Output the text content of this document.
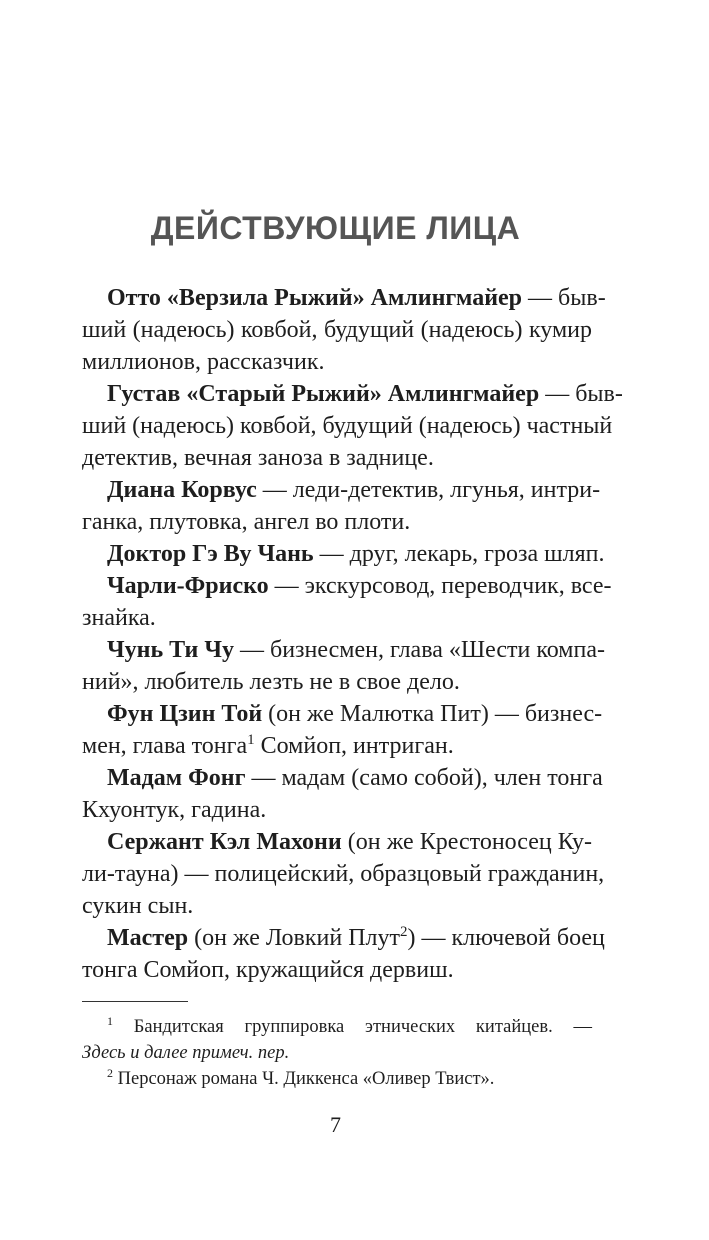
ДЕЙСТВУЮЩИЕ ЛИЦА
Отто «Верзила Рыжий» Амлингмайер — быв-
ший (надеюсь) ковбой, будущий (надеюсь) кумир
миллионов, рассказчик.
Густав «Старый Рыжий» Амлингмайер — быв-
ший (надеюсь) ковбой, будущий (надеюсь) частный
детектив, вечная заноза в заднице.
Диана Корвус — леди-детектив, лгунья, интри-
ганка, плутовка, ангел во плоти.
Доктор Гэ Ву Чань — друг, лекарь, гроза шляп.
Чарли-Фриско — экскурсовод, переводчик, все-
знайка.
Чунь Ти Чу — бизнесмен, глава «Шести компа-
ний», любитель лезть не в свое дело.
Фун Цзин Той (он же Малютка Пит) — бизнес-
мен, глава тонга$^1$ Сомйоп, интриган.
Мадам Фонг — мадам (само собой), член тонга
Кхуонтук, гадина.
Сержант Кэл Махони (он же Крестоносец Ку-
ли-тауна) — полицейский, образцовый гражданин,
сукин сын.
Мастер (он же Ловкий Плут$^2$) — ключевой боец
тонга Сомйоп, кружащийся дервиш.
$^1$ Бандитская группировка этнических китайцев. —
Здесь и далее примеч. пер.
$^2$ Персонаж романа Ч. Диккенса «Оливер Твист».
7
